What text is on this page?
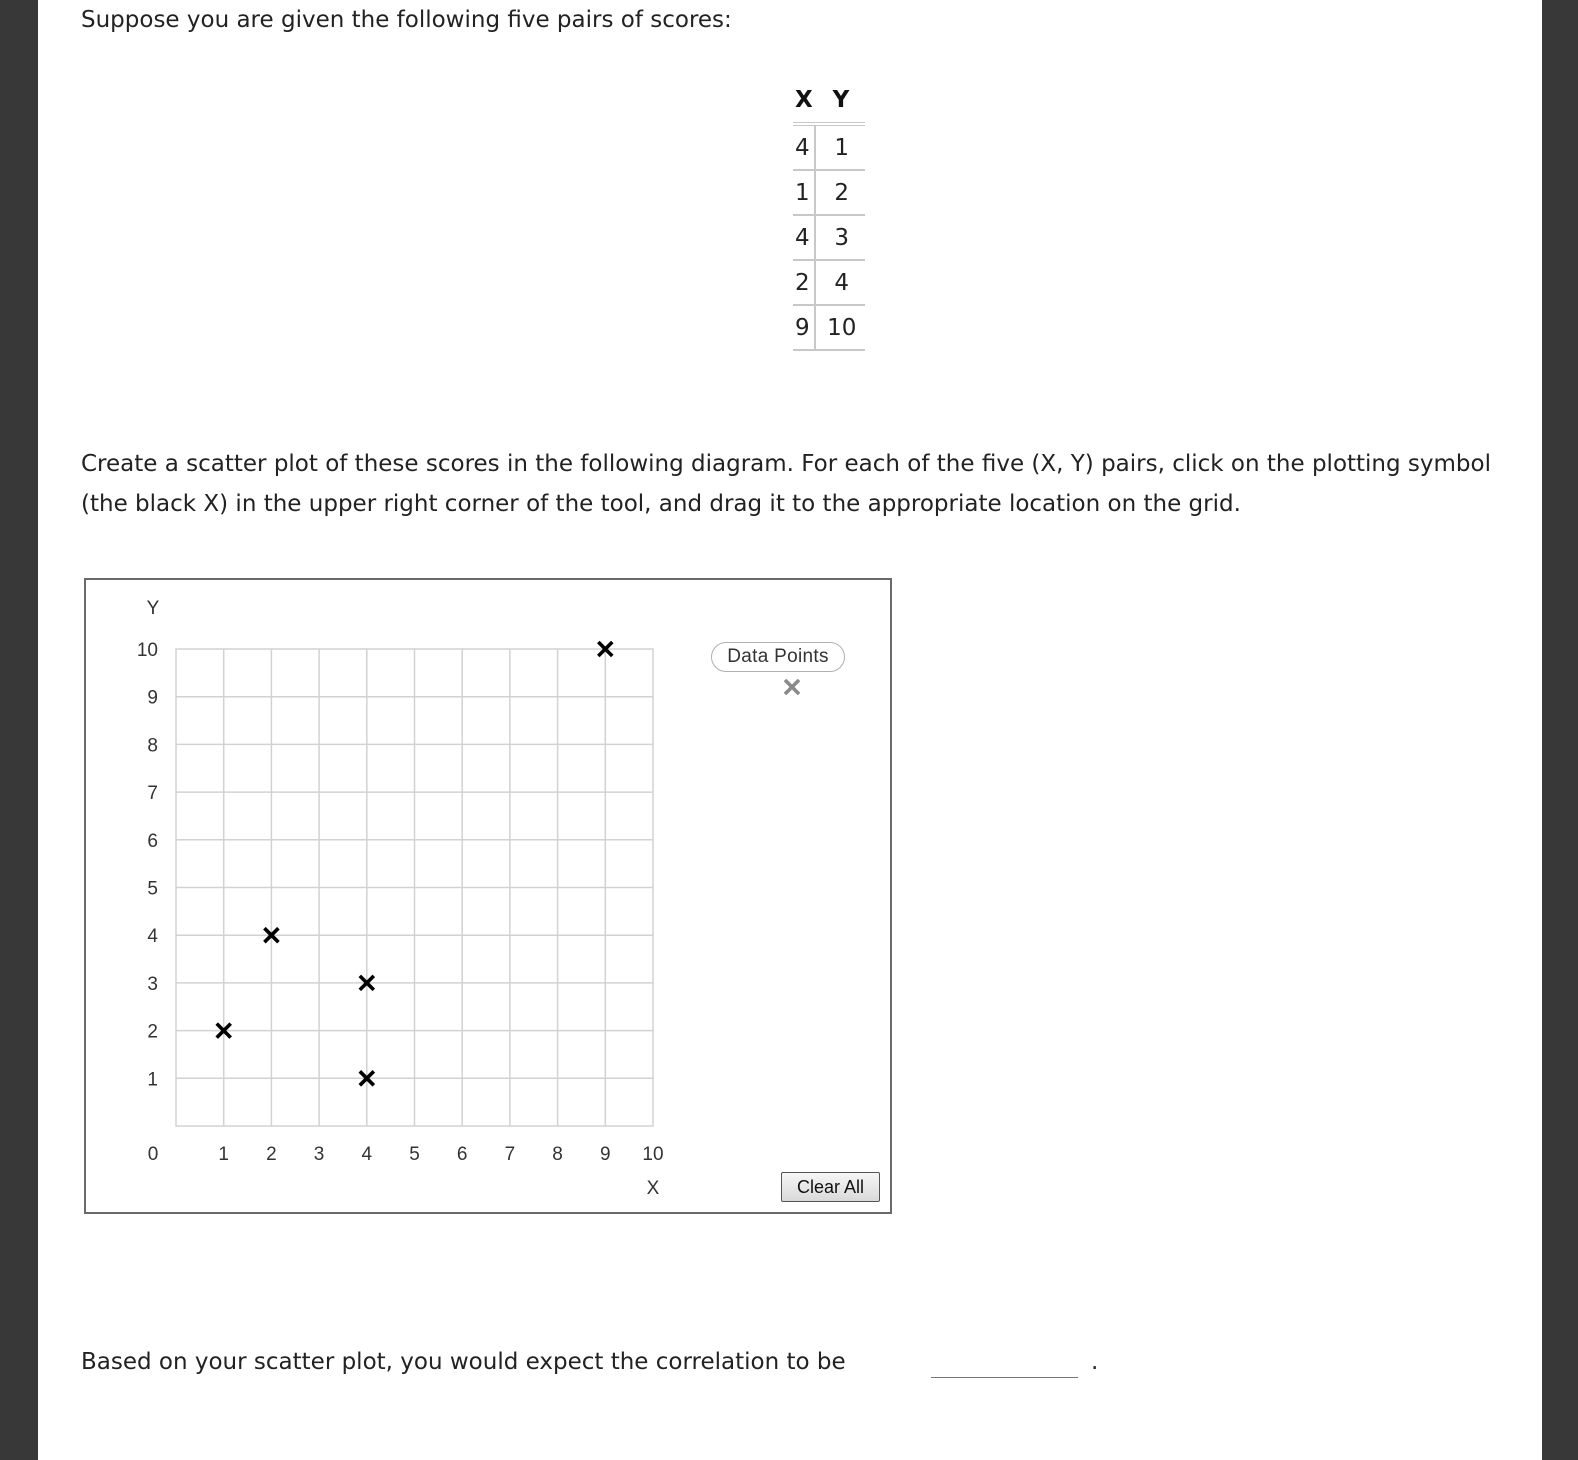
Suppose you are given the following five pairs of scores:

X Y
4	1
1	2
4	3
2	4
9 10

Create a scatter plot of these scores in the following diagram. For each of the five (X, Y) pairs, click on the plotting symbol (the black X) in the upper right corner of the tool, and drag it to the appropriate location on the grid.

0	1 2 3 4 5 6 7 8 9 10
1
2
3
4
5
6
7
8
9
10
X
Y
Data Points
Clear All

Based on your scatter plot, you would expect the correlation to be	.
